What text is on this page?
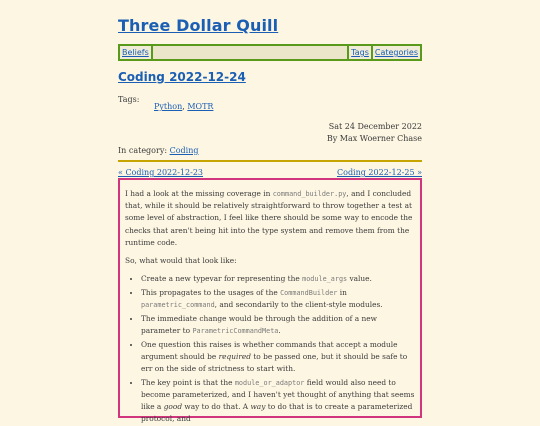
Three Dollar Quill
Beliefs	Tags Categories
Coding 2022-12-24
Tags:
Python, MOTR
Sat 24 December 2022
By Max Woerner Chase
In category: Coding
« Coding 2022-12-23	Coding 2022-12-25 »

I had a look at the missing coverage in command_builder.py, and I concluded that, while it should be relatively straightforward to throw together a test at some level of abstraction, I feel like there should be some way to encode the checks that aren't being hit into the type system and remove them from the runtime code.

So, what would that look like:

• Create a new typevar for representing the module_args value.
• This propagates to the usages of the CommandBuilder in parametric_command, and secondarily to the client-style modules.
• The immediate change would be through the addition of a new parameter to ParametricCommandMeta.
• One question this raises is whether commands that accept a module argument should be required to be passed one, but it should be safe to err on the side of strictness to start with.
• The key point is that the module_or_adaptor field would also need to become parameterized, and I haven't yet thought of anything that seems like a good way to do that. A way to do that is to create a parameterized protocol, and
